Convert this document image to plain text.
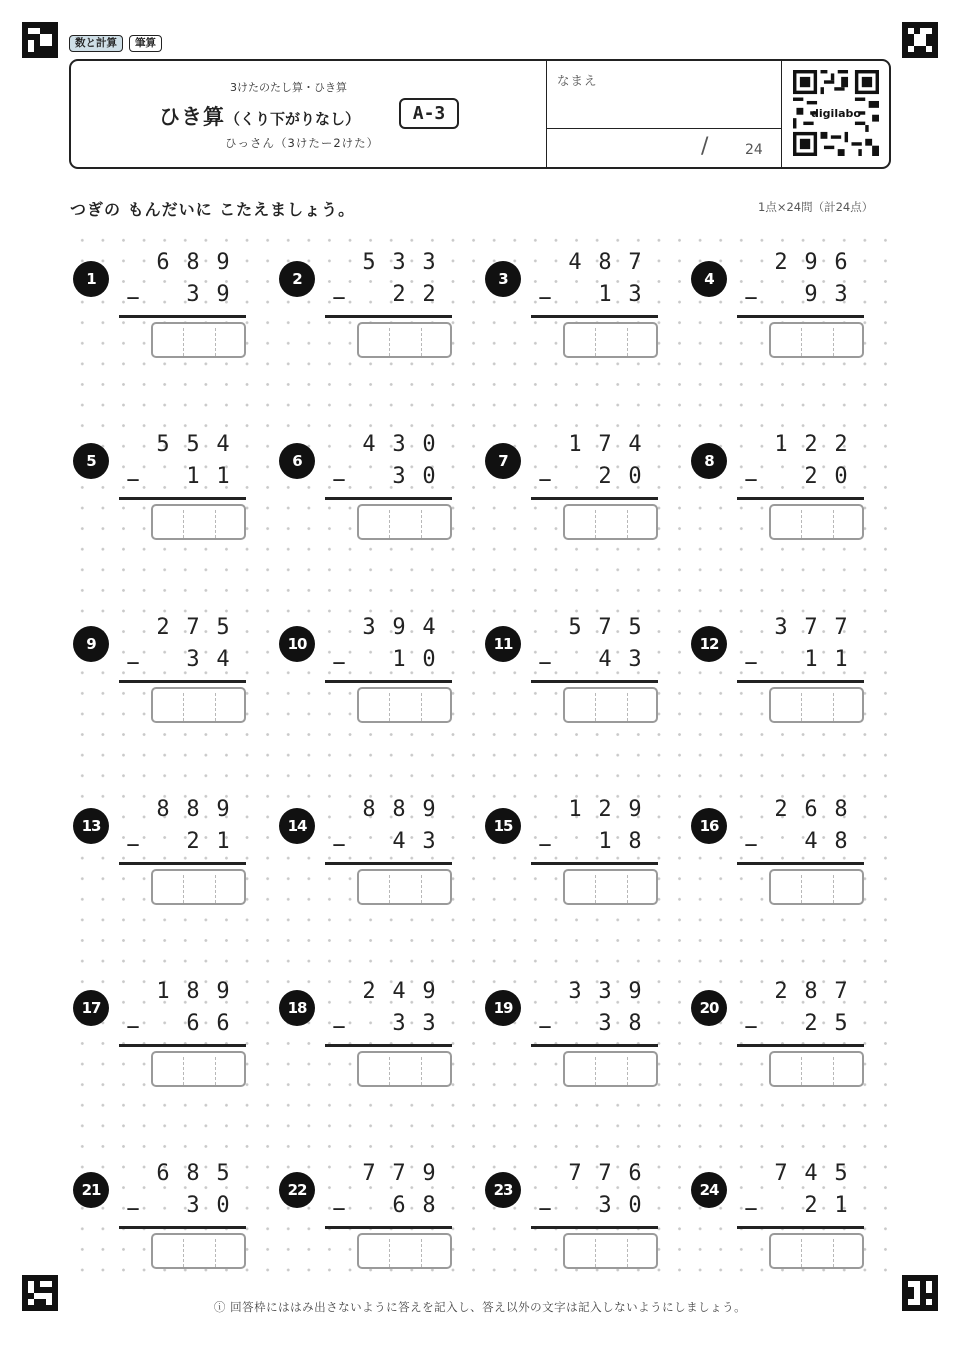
数と計算	筆算
3けたのたし算・ひき算
ひき算（くり下がりなし）	A-3
ひっさん（3けたー2けた）
なまえ
/	24
digilabo
つぎの もんだいに こたえましょう。	1点×24問（計24点）
1
6 8 9
3 9
−
2
5 3 3
2 2
−
3
4 8 7
1 3
−
4
2 9 6
9 3
−
5
5 5 4
1 1
−
6
4 3 0
3 0
−
7
1 7 4
2 0
−
8
1 2 2
2 0
−
9
2 7 5
3 4
−
10
3 9 4
1 0
−
11
5 7 5
4 3
−
12
3 7 7
1 1
−
13
8 8 9
2 1
−
14
8 8 9
4 3
−
15
1 2 9
1 8
−
16
2 6 8
4 8
−
17
1 8 9
6 6
−
18
2 4 9
3 3
−
19
3 3 9
3 8
−
20
2 8 7
2 5
−
21
6 8 5
3 0
−
22
7 7 9
6 8
−
23
7 7 6
3 0
−
24
7 4 5
2 1
−
ⓘ 回答枠にははみ出さないように答えを記入し、答え以外の文字は記入しないようにしましょう。
